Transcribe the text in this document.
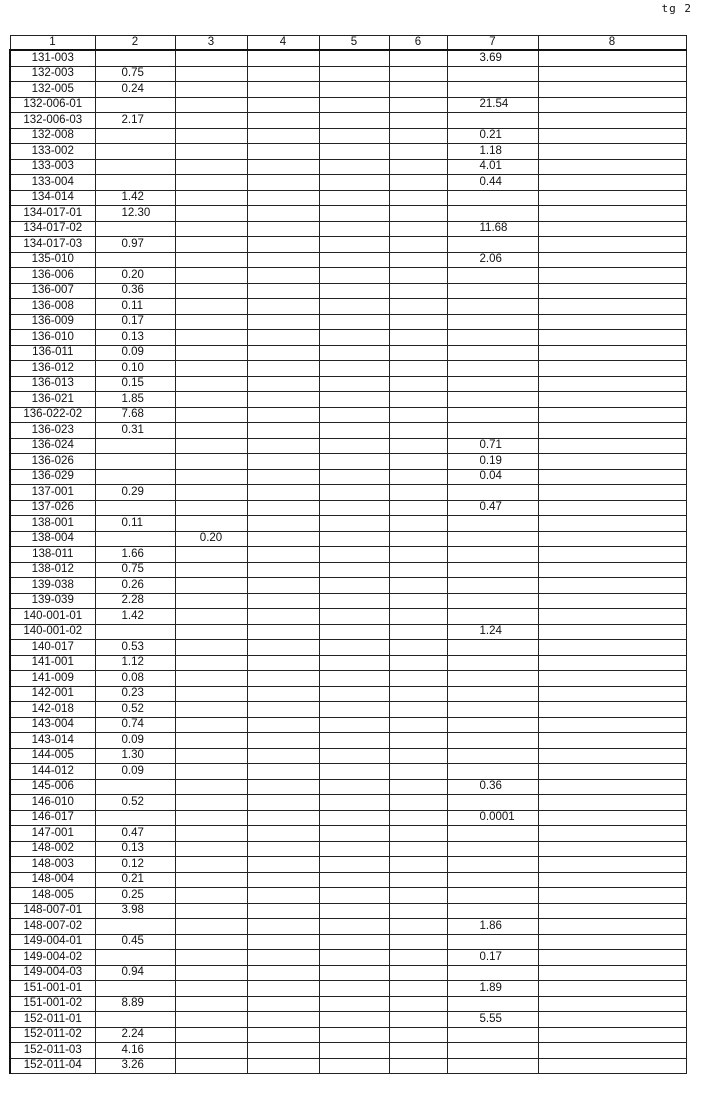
tg 2
1	2	3	4	5	6	7	8
131-003						3.69	
132-003	0.75						
132-005	0.24						
132-006-01						21.54	
132-006-03	2.17						
132-008						0.21	
133-002						1.18	
133-003						4.01	
133-004						0.44	
134-014	1.42						
134-017-01	12.30						
134-017-02						11.68	
134-017-03	0.97						
135-010						2.06	
136-006	0.20						
136-007	0.36						
136-008	0.11						
136-009	0.17						
136-010	0.13						
136-011	0.09						
136-012	0.10						
136-013	0.15						
136-021	1.85						
136-022-02	7.68						
136-023	0.31						
136-024						0.71	
136-026						0.19	
136-029						0.04	
137-001	0.29						
137-026						0.47	
138-001	0.11						
138-004		0.20					
138-011	1.66						
138-012	0.75						
139-038	0.26						
139-039	2.28						
140-001-01	1.42						
140-001-02						1.24	
140-017	0.53						
141-001	1.12						
141-009	0.08						
142-001	0.23						
142-018	0.52						
143-004	0.74						
143-014	0.09						
144-005	1.30						
144-012	0.09						
145-006						0.36	
146-010	0.52						
146-017						0.0001	
147-001	0.47						
148-002	0.13						
148-003	0.12						
148-004	0.21						
148-005	0.25						
148-007-01	3.98						
148-007-02						1.86	
149-004-01	0.45						
149-004-02						0.17	
149-004-03	0.94						
151-001-01						1.89	
151-001-02	8.89						
152-011-01						5.55	
152-011-02	2.24						
152-011-03	4.16						
152-011-04	3.26						
